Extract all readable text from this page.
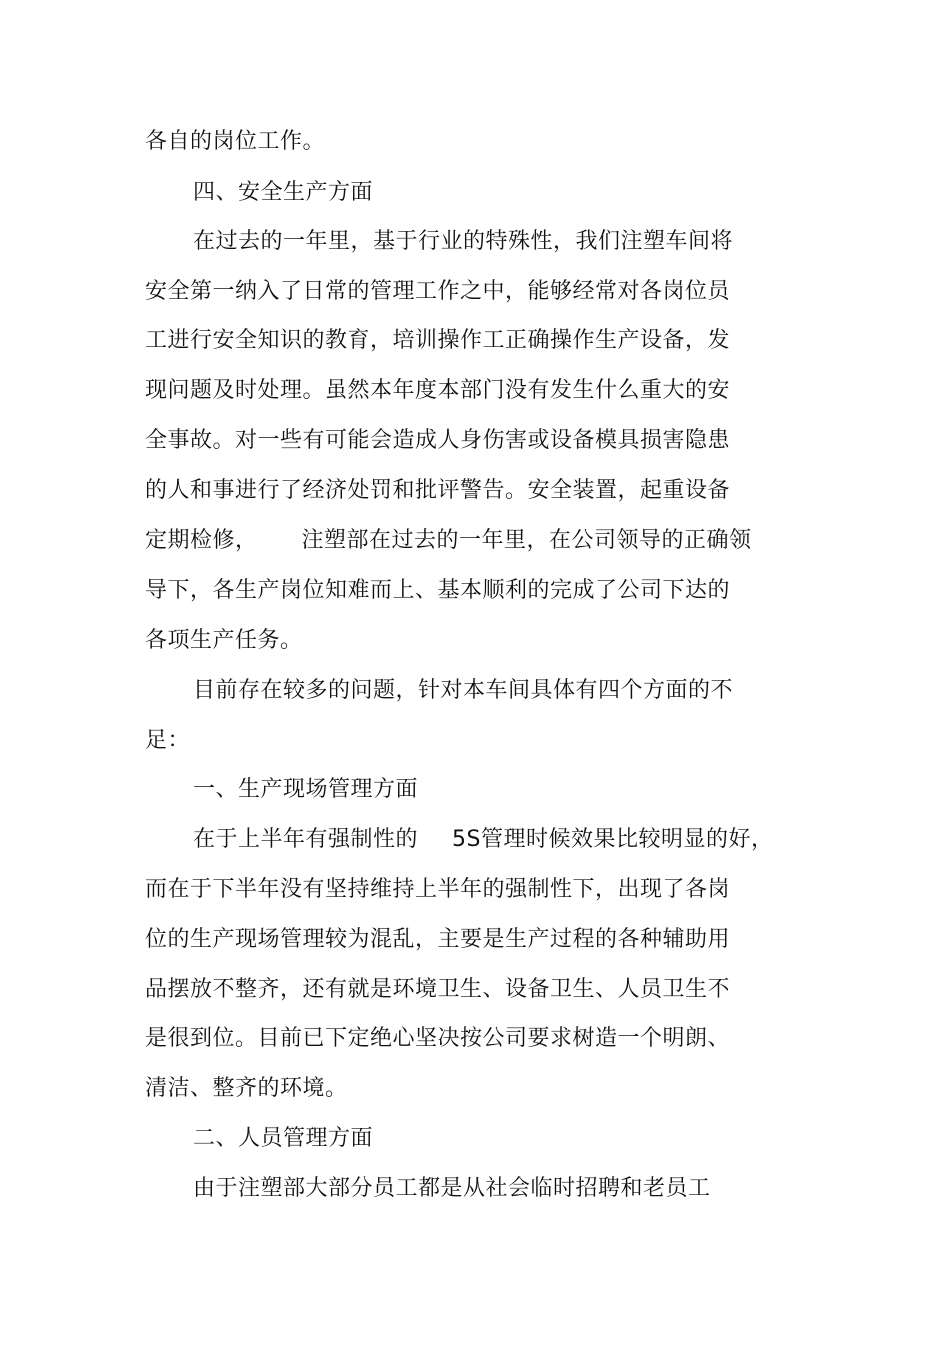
各自的岗位工作。
四、安全生产方面
在过去的一年里，基于行业的特殊性，我们注塑车间将
安全第一纳入了日常的管理工作之中，能够经常对各岗位员
工进行安全知识的教育，培训操作工正确操作生产设备，发
现问题及时处理。虽然本年度本部门没有发生什么重大的安
全事故。对一些有可能会造成人身伤害或设备模具损害隐患
的人和事进行了经济处罚和批评警告。安全装置，起重设备
定期检修， 注塑部在过去的一年里，在公司领导的正确领
导下，各生产岗位知难而上、基本顺利的完成了公司下达的
各项生产任务。
目前存在较多的问题，针对本车间具体有四个方面的不
足：
一、生产现场管理方面
在于上半年有强制性的 5S管理时候效果比较明显的好，
而在于下半年没有坚持维持上半年的强制性下，出现了各岗
位的生产现场管理较为混乱，主要是生产过程的各种辅助用
品摆放不整齐，还有就是环境卫生、设备卫生、人员卫生不
是很到位。目前已下定绝心坚决按公司要求树造一个明朗、
清洁、整齐的环境。
二、人员管理方面
由于注塑部大部分员工都是从社会临时招聘和老员工
